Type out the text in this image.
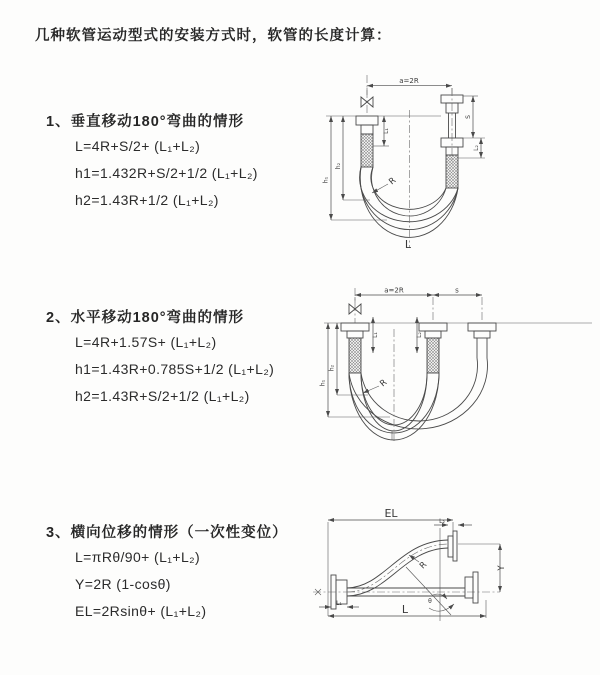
几种软管运动型式的安装方式时，软管的长度计算：
1、垂直移动180°弯曲的情形
L=4R+S/2+ (L₁+L₂)
h1=1.432R+S/2+1/2 (L₁+L₂)
h2=1.43R+1/2 (L₁+L₂)
a=2R
h₁
h₂
L₁
S
L₂
R
L
2、水平移动180°弯曲的情形
L=4R+1.57S+ (L₁+L₂)
h1=1.43R+0.785S+1/2 (L₁+L₂)
h2=1.43R+S/2+1/2 (L₁+L₂)
a=2R	s
L₁	L₂
h₁
h₂
R
3、横向位移的情形（一次性变位）
L=πRθ/90+ (L₁+L₂)
Y=2R (1-cosθ)
EL=2Rsinθ+ (L₁+L₂)
EL
L₂
θ
R	Y
L
L₁
